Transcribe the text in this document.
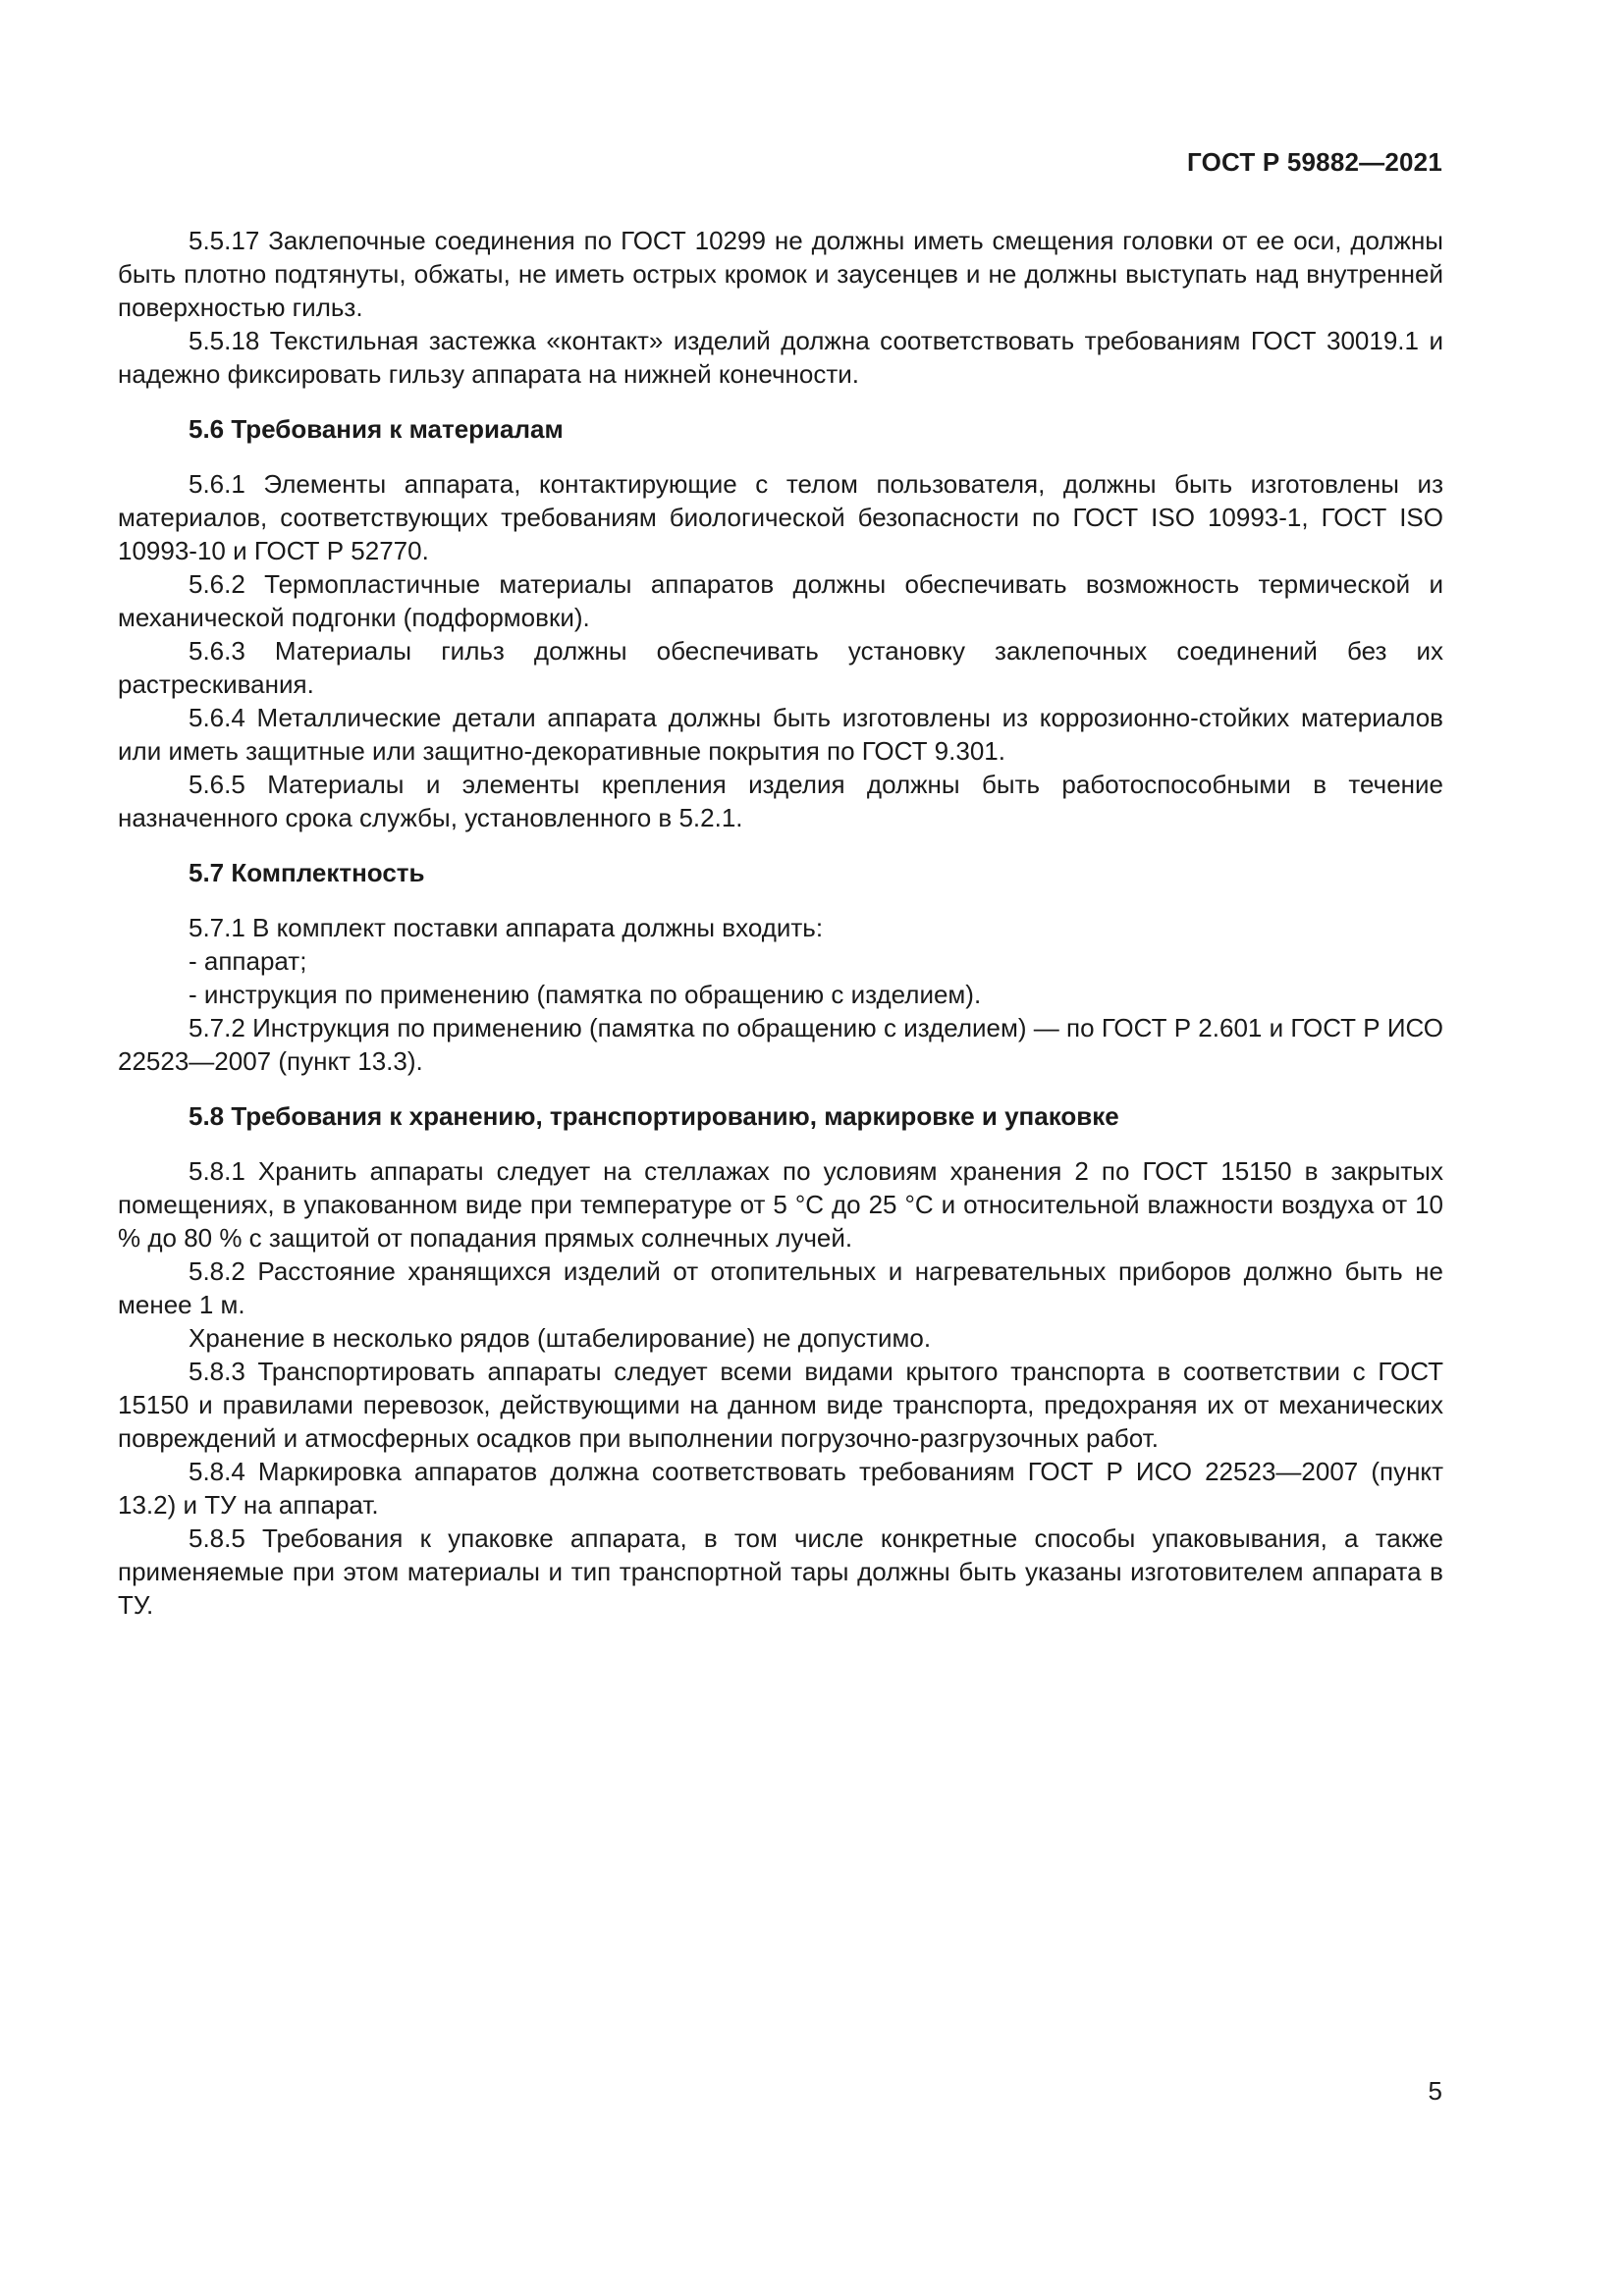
ГОСТ Р 59882—2021

5.5.17 Заклепочные соединения по ГОСТ 10299 не должны иметь смещения головки от ее оси, должны быть плотно подтянуты, обжаты, не иметь острых кромок и заусенцев и не должны выступать над внутренней поверхностью гильз.

5.5.18 Текстильная застежка «контакт» изделий должна соответствовать требованиям ГОСТ 30019.1 и надежно фиксировать гильзу аппарата на нижней конечности.

5.6 Требования к материалам

5.6.1 Элементы аппарата, контактирующие с телом пользователя, должны быть изготовлены из материалов, соответствующих требованиям биологической безопасности по ГОСТ ISO 10993-1, ГОСТ ISO 10993-10 и ГОСТ Р 52770.

5.6.2 Термопластичные материалы аппаратов должны обеспечивать возможность термической и механической подгонки (подформовки).

5.6.3 Материалы гильз должны обеспечивать установку заклепочных соединений без их растрескивания.

5.6.4 Металлические детали аппарата должны быть изготовлены из коррозионно-стойких материалов или иметь защитные или защитно-декоративные покрытия по ГОСТ 9.301.

5.6.5 Материалы и элементы крепления изделия должны быть работоспособными в течение назначенного срока службы, установленного в 5.2.1.

5.7 Комплектность

5.7.1 В комплект поставки аппарата должны входить:

- аппарат;

- инструкция по применению (памятка по обращению с изделием).

5.7.2 Инструкция по применению (памятка по обращению с изделием) — по ГОСТ Р 2.601 и ГОСТ Р ИСО 22523—2007 (пункт 13.3).

5.8 Требования к хранению, транспортированию, маркировке и упаковке

5.8.1 Хранить аппараты следует на стеллажах по условиям хранения 2 по ГОСТ 15150 в закрытых помещениях, в упакованном виде при температуре от 5 °С до 25 °С и относительной влажности воздуха от 10 % до 80 % с защитой от попадания прямых солнечных лучей.

5.8.2 Расстояние хранящихся изделий от отопительных и нагревательных приборов должно быть не менее 1 м.

Хранение в несколько рядов (штабелирование) не допустимо.

5.8.3 Транспортировать аппараты следует всеми видами крытого транспорта в соответствии с ГОСТ 15150 и правилами перевозок, действующими на данном виде транспорта, предохраняя их от механических повреждений и атмосферных осадков при выполнении погрузочно-разгрузочных работ.

5.8.4 Маркировка аппаратов должна соответствовать требованиям ГОСТ Р ИСО 22523—2007 (пункт 13.2) и ТУ на аппарат.

5.8.5 Требования к упаковке аппарата, в том числе конкретные способы упаковывания, а также применяемые при этом материалы и тип транспортной тары должны быть указаны изготовителем аппарата в ТУ.

5
